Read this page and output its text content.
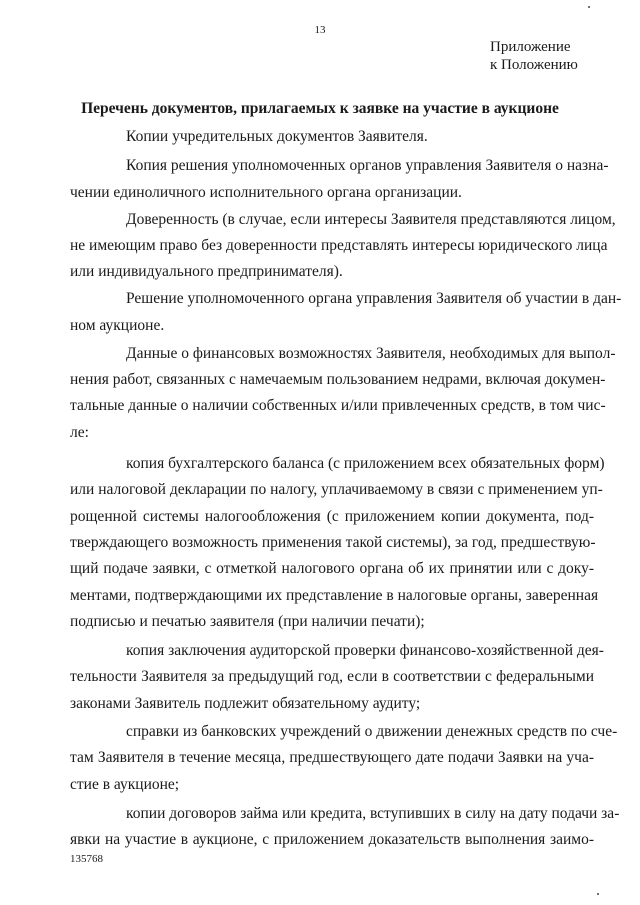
13
Приложение
к Положению
Перечень документов, прилагаемых к заявке на участие в аукционе
Копии учредительных документов Заявителя.
Копия решения уполномоченных органов управления Заявителя о назна-
чении единоличного исполнительного органа организации.
Доверенность (в случае, если интересы Заявителя представляются лицом,
не имеющим право без доверенности представлять интересы юридического лица
или индивидуального предпринимателя).
Решение уполномоченного органа управления Заявителя об участии в дан-
ном аукционе.
Данные о финансовых возможностях Заявителя, необходимых для выпол-
нения работ, связанных с намечаемым пользованием недрами, включая докумен-
тальные данные о наличии собственных и/или привлеченных средств, в том чис-
ле:
копия бухгалтерского баланса (с приложением всех обязательных форм)
или налоговой декларации по налогу, уплачиваемому в связи с применением уп-
рощенной системы налогообложения (с приложением копии документа, под-
тверждающего возможность применения такой системы), за год, предшествую-
щий подаче заявки, с отметкой налогового органа об их принятии или с доку-
ментами, подтверждающими их представление в налоговые органы, заверенная
подписью и печатью заявителя (при наличии печати);
копия заключения аудиторской проверки финансово-хозяйственной дея-
тельности Заявителя за предыдущий год, если в соответствии с федеральными
законами Заявитель подлежит обязательному аудиту;
справки из банковских учреждений о движении денежных средств по сче-
там Заявителя в течение месяца, предшествующего дате подачи Заявки на уча-
стие в аукционе;
копии договоров займа или кредита, вступивших в силу на дату подачи за-
явки на участие в аукционе, с приложением доказательств выполнения заимо-
135768
